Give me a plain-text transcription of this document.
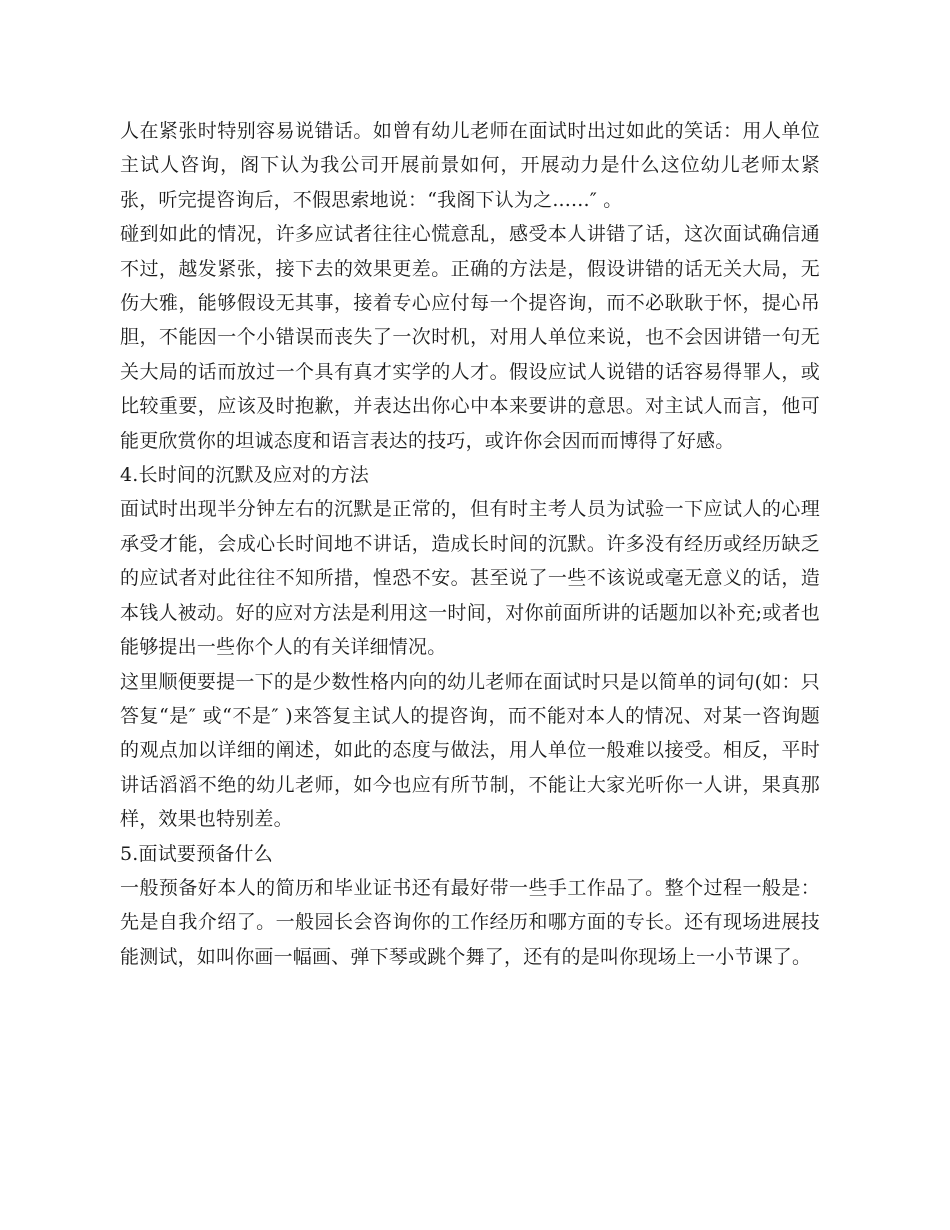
人在紧张时特别容易说错话。如曾有幼儿老师在面试时出过如此的笑话：用人单位主试人咨询，阁下认为我公司开展前景如何，开展动力是什么这位幼儿老师太紧张，听完提咨询后，不假思索地说：“我阁下认为之......″ 。

碰到如此的情况，许多应试者往往心慌意乱，感受本人讲错了话，这次面试确信通不过，越发紧张，接下去的效果更差。正确的方法是，假设讲错的话无关大局，无伤大雅，能够假设无其事，接着专心应付每一个提咨询，而不必耿耿于怀，提心吊胆，不能因一个小错误而丧失了一次时机，对用人单位来说，也不会因讲错一句无关大局的话而放过一个具有真才实学的人才。假设应试人说错的话容易得罪人，或比较重要，应该及时抱歉，并表达出你心中本来要讲的意思。对主试人而言，他可能更欣赏你的坦诚态度和语言表达的技巧，或许你会因而而博得了好感。

4.长时间的沉默及应对的方法

面试时出现半分钟左右的沉默是正常的，但有时主考人员为试验一下应试人的心理承受才能，会成心长时间地不讲话，造成长时间的沉默。许多没有经历或经历缺乏的应试者对此往往不知所措，惶恐不安。甚至说了一些不该说或毫无意义的话，造本钱人被动。好的应对方法是利用这一时间，对你前面所讲的话题加以补充;或者也能够提出一些你个人的有关详细情况。

这里顺便要提一下的是少数性格内向的幼儿老师在面试时只是以简单的词句(如：只答复“是″ 或“不是″ )来答复主试人的提咨询，而不能对本人的情况、对某一咨询题的观点加以详细的阐述，如此的态度与做法，用人单位一般难以接受。相反，平时讲话滔滔不绝的幼儿老师，如今也应有所节制，不能让大家光听你一人讲，果真那样，效果也特别差。

5.面试要预备什么

一般预备好本人的简历和毕业证书还有最好带一些手工作品了。整个过程一般是：先是自我介绍了。一般园长会咨询你的工作经历和哪方面的专长。还有现场进展技能测试，如叫你画一幅画、弹下琴或跳个舞了，还有的是叫你现场上一小节课了。
